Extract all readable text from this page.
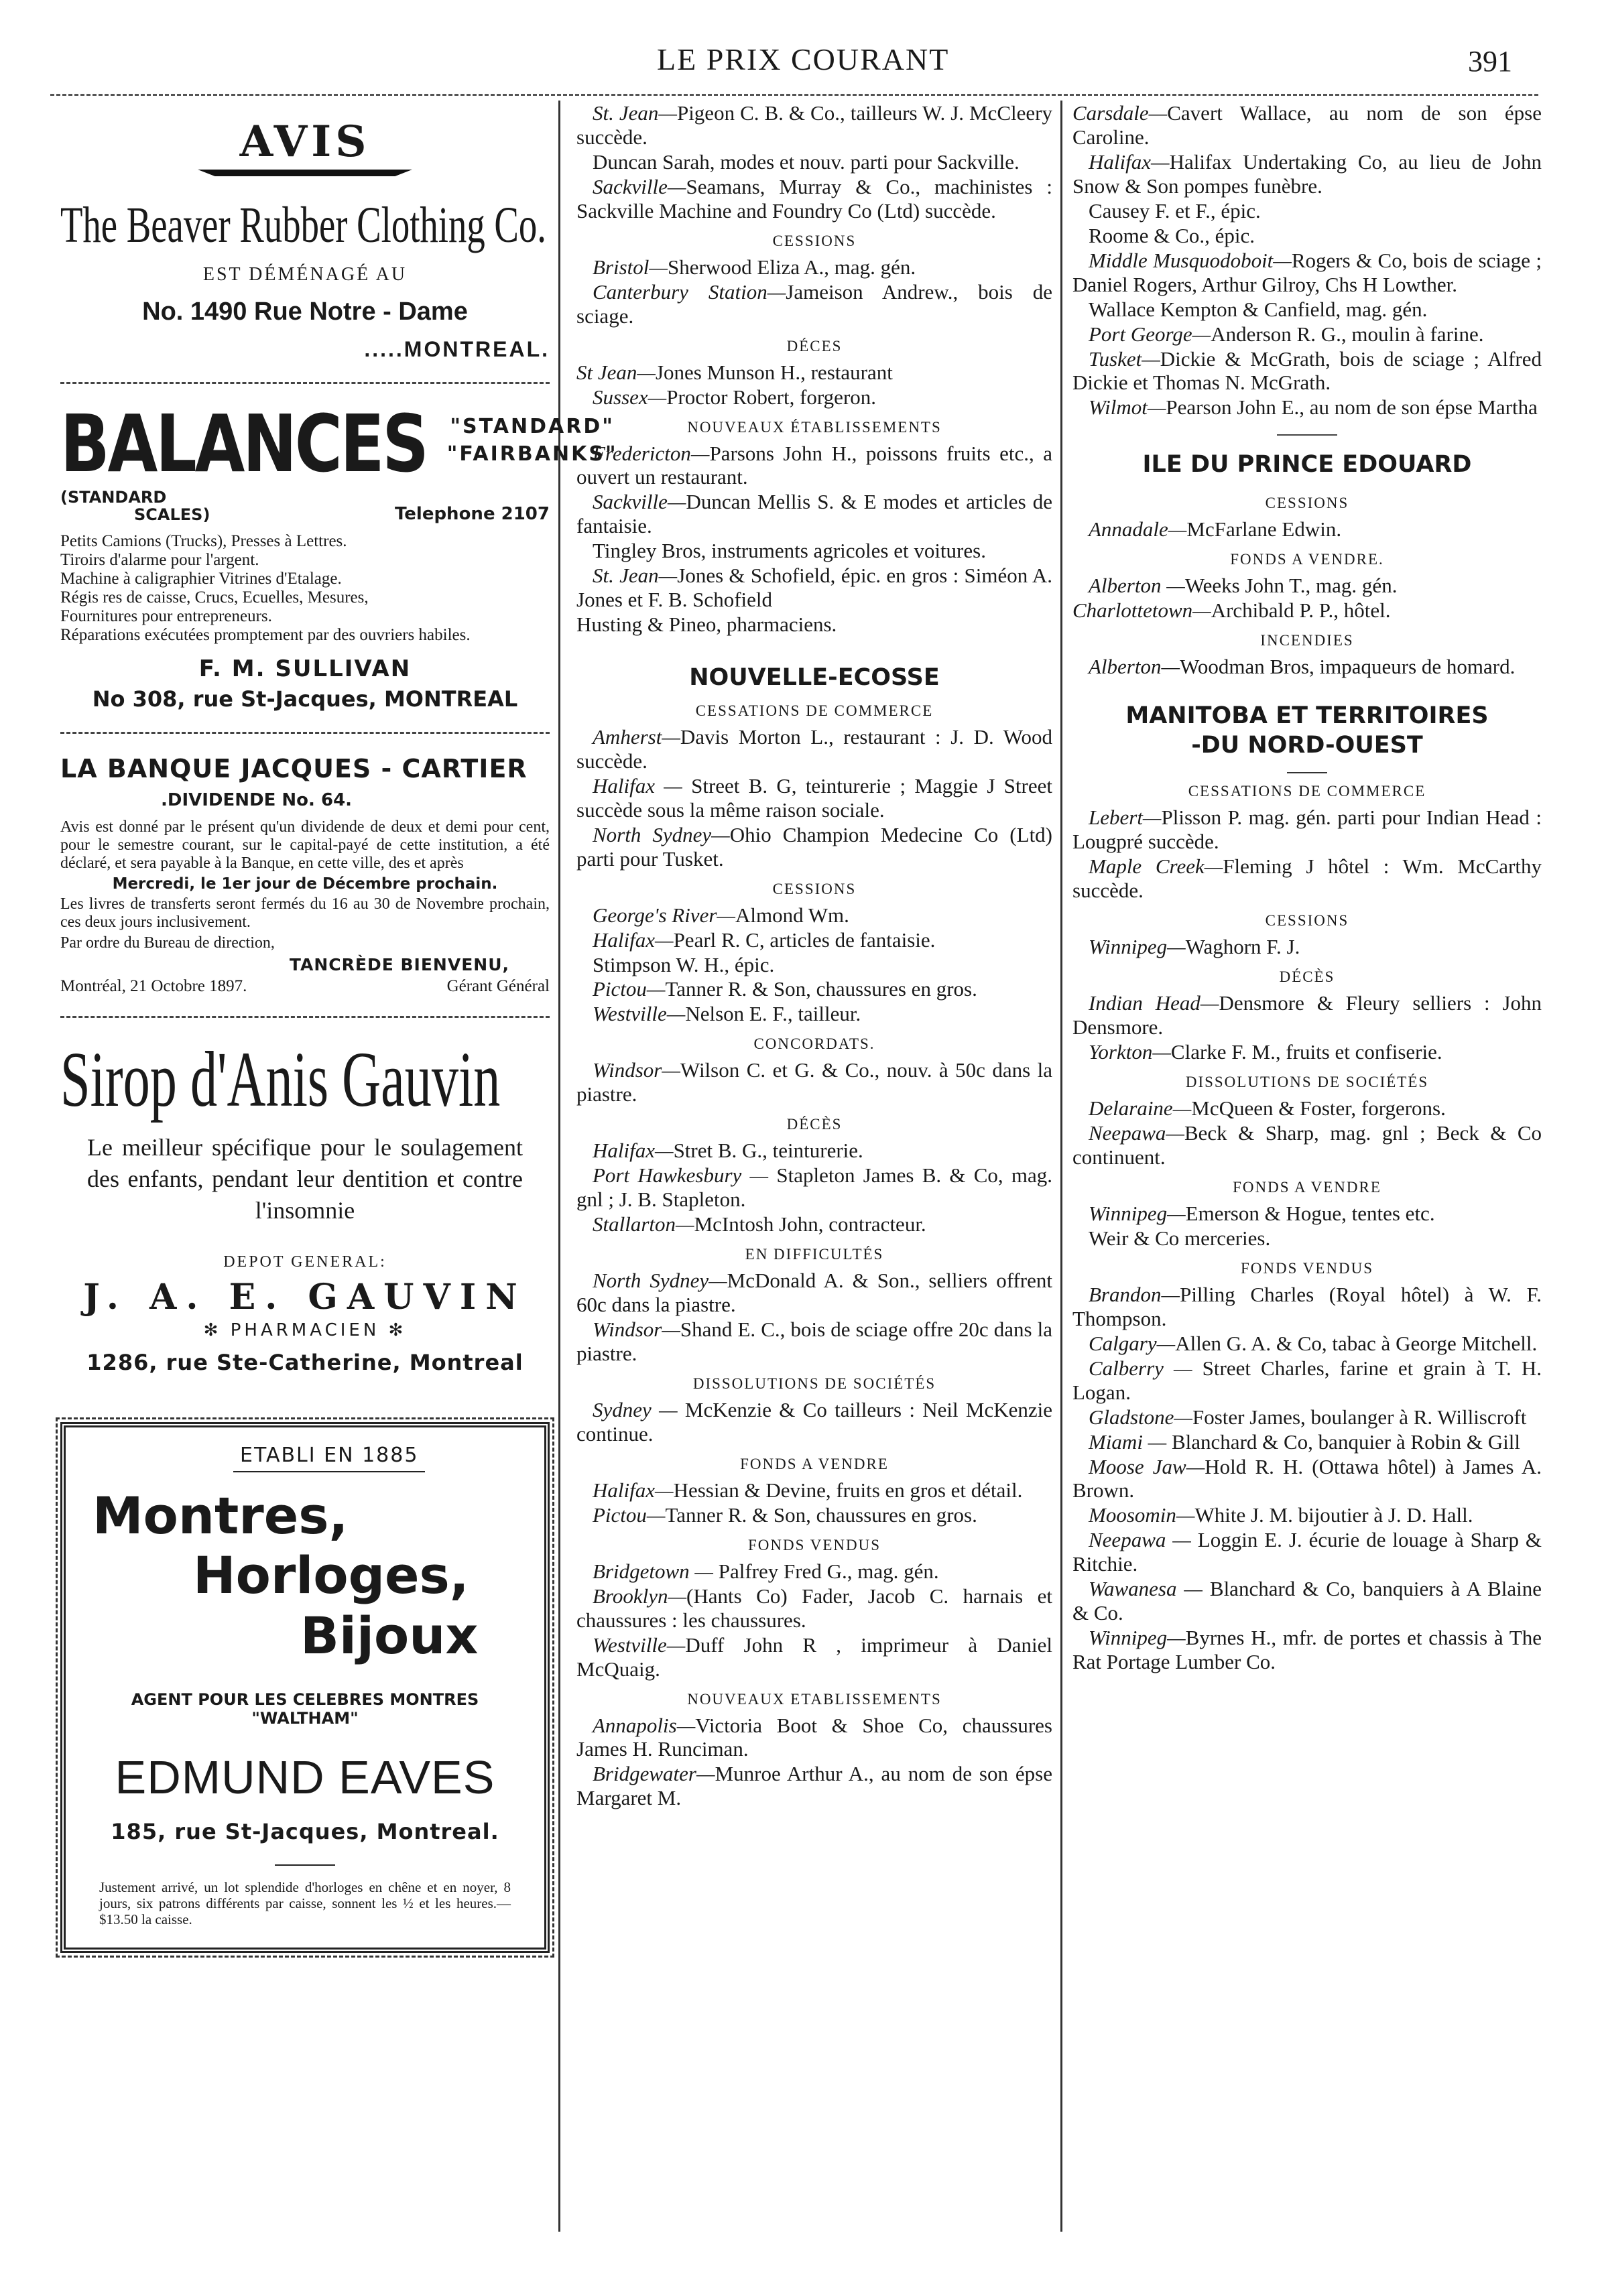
LE PRIX COURANT	391
AVIS
The Beaver Rubber Clothing Co.
EST DÉMÉNAGÉ AU
No. 1490 Rue Notre - Dame
.....MONTREAL.
BALANCES "STANDARD"
"FAIRBANKS"
(STANDARD
SCALES)	Telephone 2107

Petits Camions (Trucks), Presses à Lettres.

Tiroirs d'alarme pour l'argent.

Machine à caligraphier Vitrines d'Etalage.

Régis res de caisse, Crucs, Ecuelles, Mesures,

Fournitures pour entrepreneurs.

Réparations exécutées promptement par des ouvriers habiles.

F. M. SULLIVAN
No 308, rue St-Jacques, MONTREAL
LA BANQUE JACQUES - CARTIER
.DIVIDENDE No. 64.

Avis est donné par le présent qu'un dividende de deux et demi pour cent, pour le semestre courant, sur le capital-payé de cette institution, a été déclaré, et sera payable à la Banque, en cette ville, des et après

Mercredi, le 1er jour de Décembre prochain.

Les livres de transferts seront fermés du 16 au 30 de Novembre prochain, ces deux jours inclusivement.

Par ordre du Bureau de direction,

TANCRÈDE BIENVENU,
Montréal, 21 Octobre 1897.	Gérant Général
Sirop d'Anis Gauvin
Le meilleur spécifique pour le soulagement des enfants, pendant leur dentition et contre l'insomnie
DEPOT GENERAL:
J. A. E. GAUVIN
✻ PHARMACIEN ✻
1286, rue Ste-Catherine, Montreal
ETABLI EN 1885
Montres,
Horloges,
Bijoux
AGENT POUR LES CELEBRES MONTRES "WALTHAM"
EDMUND EAVES
185, rue St-Jacques, Montreal.
Justement arrivé, un lot splendide d'horloges en chêne et en noyer, 8 jours, six patrons différents par caisse, sonnent les ½ et les heures.—$13.50 la caisse.
St. Jean—Pigeon C. B. & Co., tailleurs W. J. McCleery succède.
Duncan Sarah, modes et nouv. parti pour Sackville.
Sackville—Seamans, Murray & Co., machinistes : Sackville Machine and Foundry Co (Ltd) succède.
CESSIONS
Bristol—Sherwood Eliza A., mag. gén.
Canterbury Station—Jameison Andrew., bois de sciage.
DÉCES
St Jean—Jones Munson H., restaurant
Sussex—Proctor Robert, forgeron.
NOUVEAUX ÉTABLISSEMENTS
Fredericton—Parsons John H., poissons fruits etc., a ouvert un restaurant.
Sackville—Duncan Mellis S. & E modes et articles de fantaisie.
Tingley Bros, instruments agricoles et voitures.
St. Jean—Jones & Schofield, épic. en gros : Siméon A. Jones et F. B. Schofield
Husting & Pineo, pharmaciens.
NOUVELLE-ECOSSE
CESSATIONS DE COMMERCE
Amherst—Davis Morton L., restaurant : J. D. Wood succède.
Halifax — Street B. G, teinturerie ; Maggie J Street succède sous la même raison sociale.
North Sydney—Ohio Champion Medecine Co (Ltd) parti pour Tusket.
CESSIONS
George's River—Almond Wm.
Halifax—Pearl R. C, articles de fantaisie.
Stimpson W. H., épic.
Pictou—Tanner R. & Son, chaussures en gros.
Westville—Nelson E. F., tailleur.
CONCORDATS.
Windsor—Wilson C. et G. & Co., nouv. à 50c dans la piastre.
DÉCÈS
Halifax—Stret B. G., teinturerie.
Port Hawkesbury — Stapleton James B. & Co, mag. gnl ; J. B. Stapleton.
Stallarton—McIntosh John, contracteur.
EN DIFFICULTÉS
North Sydney—McDonald A. & Son., selliers offrent 60c dans la piastre.
Windsor—Shand E. C., bois de sciage offre 20c dans la piastre.
DISSOLUTIONS DE SOCIÉTÉS
Sydney — McKenzie & Co tailleurs : Neil McKenzie continue.
FONDS A VENDRE
Halifax—Hessian & Devine, fruits en gros et détail.
Pictou—Tanner R. & Son, chaussures en gros.
FONDS VENDUS
Bridgetown — Palfrey Fred G., mag. gén.
Brooklyn—(Hants Co) Fader, Jacob C. harnais et chaussures : les chaussures.
Westville—Duff John R , imprimeur à Daniel McQuaig.
NOUVEAUX ETABLISSEMENTS
Annapolis—Victoria Boot & Shoe Co, chaussures James H. Runciman.
Bridgewater—Munroe Arthur A., au nom de son épse Margaret M.
Carsdale—Cavert Wallace, au nom de son épse Caroline.
Halifax—Halifax Undertaking Co, au lieu de John Snow & Son pompes funèbre.
Causey F. et F., épic.
Roome & Co., épic.
Middle Musquodoboit—Rogers & Co, bois de sciage ; Daniel Rogers, Arthur Gilroy, Chs H Lowther.
Wallace Kempton & Canfield, mag. gén.
Port George—Anderson R. G., moulin à farine.
Tusket—Dickie & McGrath, bois de sciage ; Alfred Dickie et Thomas N. McGrath.
Wilmot—Pearson John E., au nom de son épse Martha
ILE DU PRINCE EDOUARD
CESSIONS
Annadale—McFarlane Edwin.
FONDS A VENDRE.
Alberton —Weeks John T., mag. gén.
Charlottetown—Archibald P. P., hôtel.
INCENDIES
Alberton—Woodman Bros, impaqueurs de homard.
MANITOBA ET TERRITOIRES
-DU NORD-OUEST
CESSATIONS DE COMMERCE
Lebert—Plisson P. mag. gén. parti pour Indian Head : Lougpré succède.
Maple Creek—Fleming J hôtel : Wm. McCarthy succède.
CESSIONS
Winnipeg—Waghorn F. J.
DÉCÈS
Indian Head—Densmore & Fleury selliers : John Densmore.
Yorkton—Clarke F. M., fruits et confiserie.
DISSOLUTIONS DE SOCIÉTÉS
Delaraine—McQueen & Foster, forgerons.
Neepawa—Beck & Sharp, mag. gnl ; Beck & Co continuent.
FONDS A VENDRE
Winnipeg—Emerson & Hogue, tentes etc.
Weir & Co merceries.
FONDS VENDUS
Brandon—Pilling Charles (Royal hôtel) à W. F. Thompson.
Calgary—Allen G. A. & Co, tabac à George Mitchell.
Calberry — Street Charles, farine et grain à T. H. Logan.
Gladstone—Foster James, boulanger à R. Williscroft
Miami — Blanchard & Co, banquier à Robin & Gill
Moose Jaw—Hold R. H. (Ottawa hôtel) à James A. Brown.
Moosomin—White J. M. bijoutier à J. D. Hall.
Neepawa — Loggin E. J. écurie de louage à Sharp & Ritchie.
Wawanesa — Blanchard & Co, banquiers à A Blaine & Co.
Winnipeg—Byrnes H., mfr. de portes et chassis à The Rat Portage Lumber Co.
